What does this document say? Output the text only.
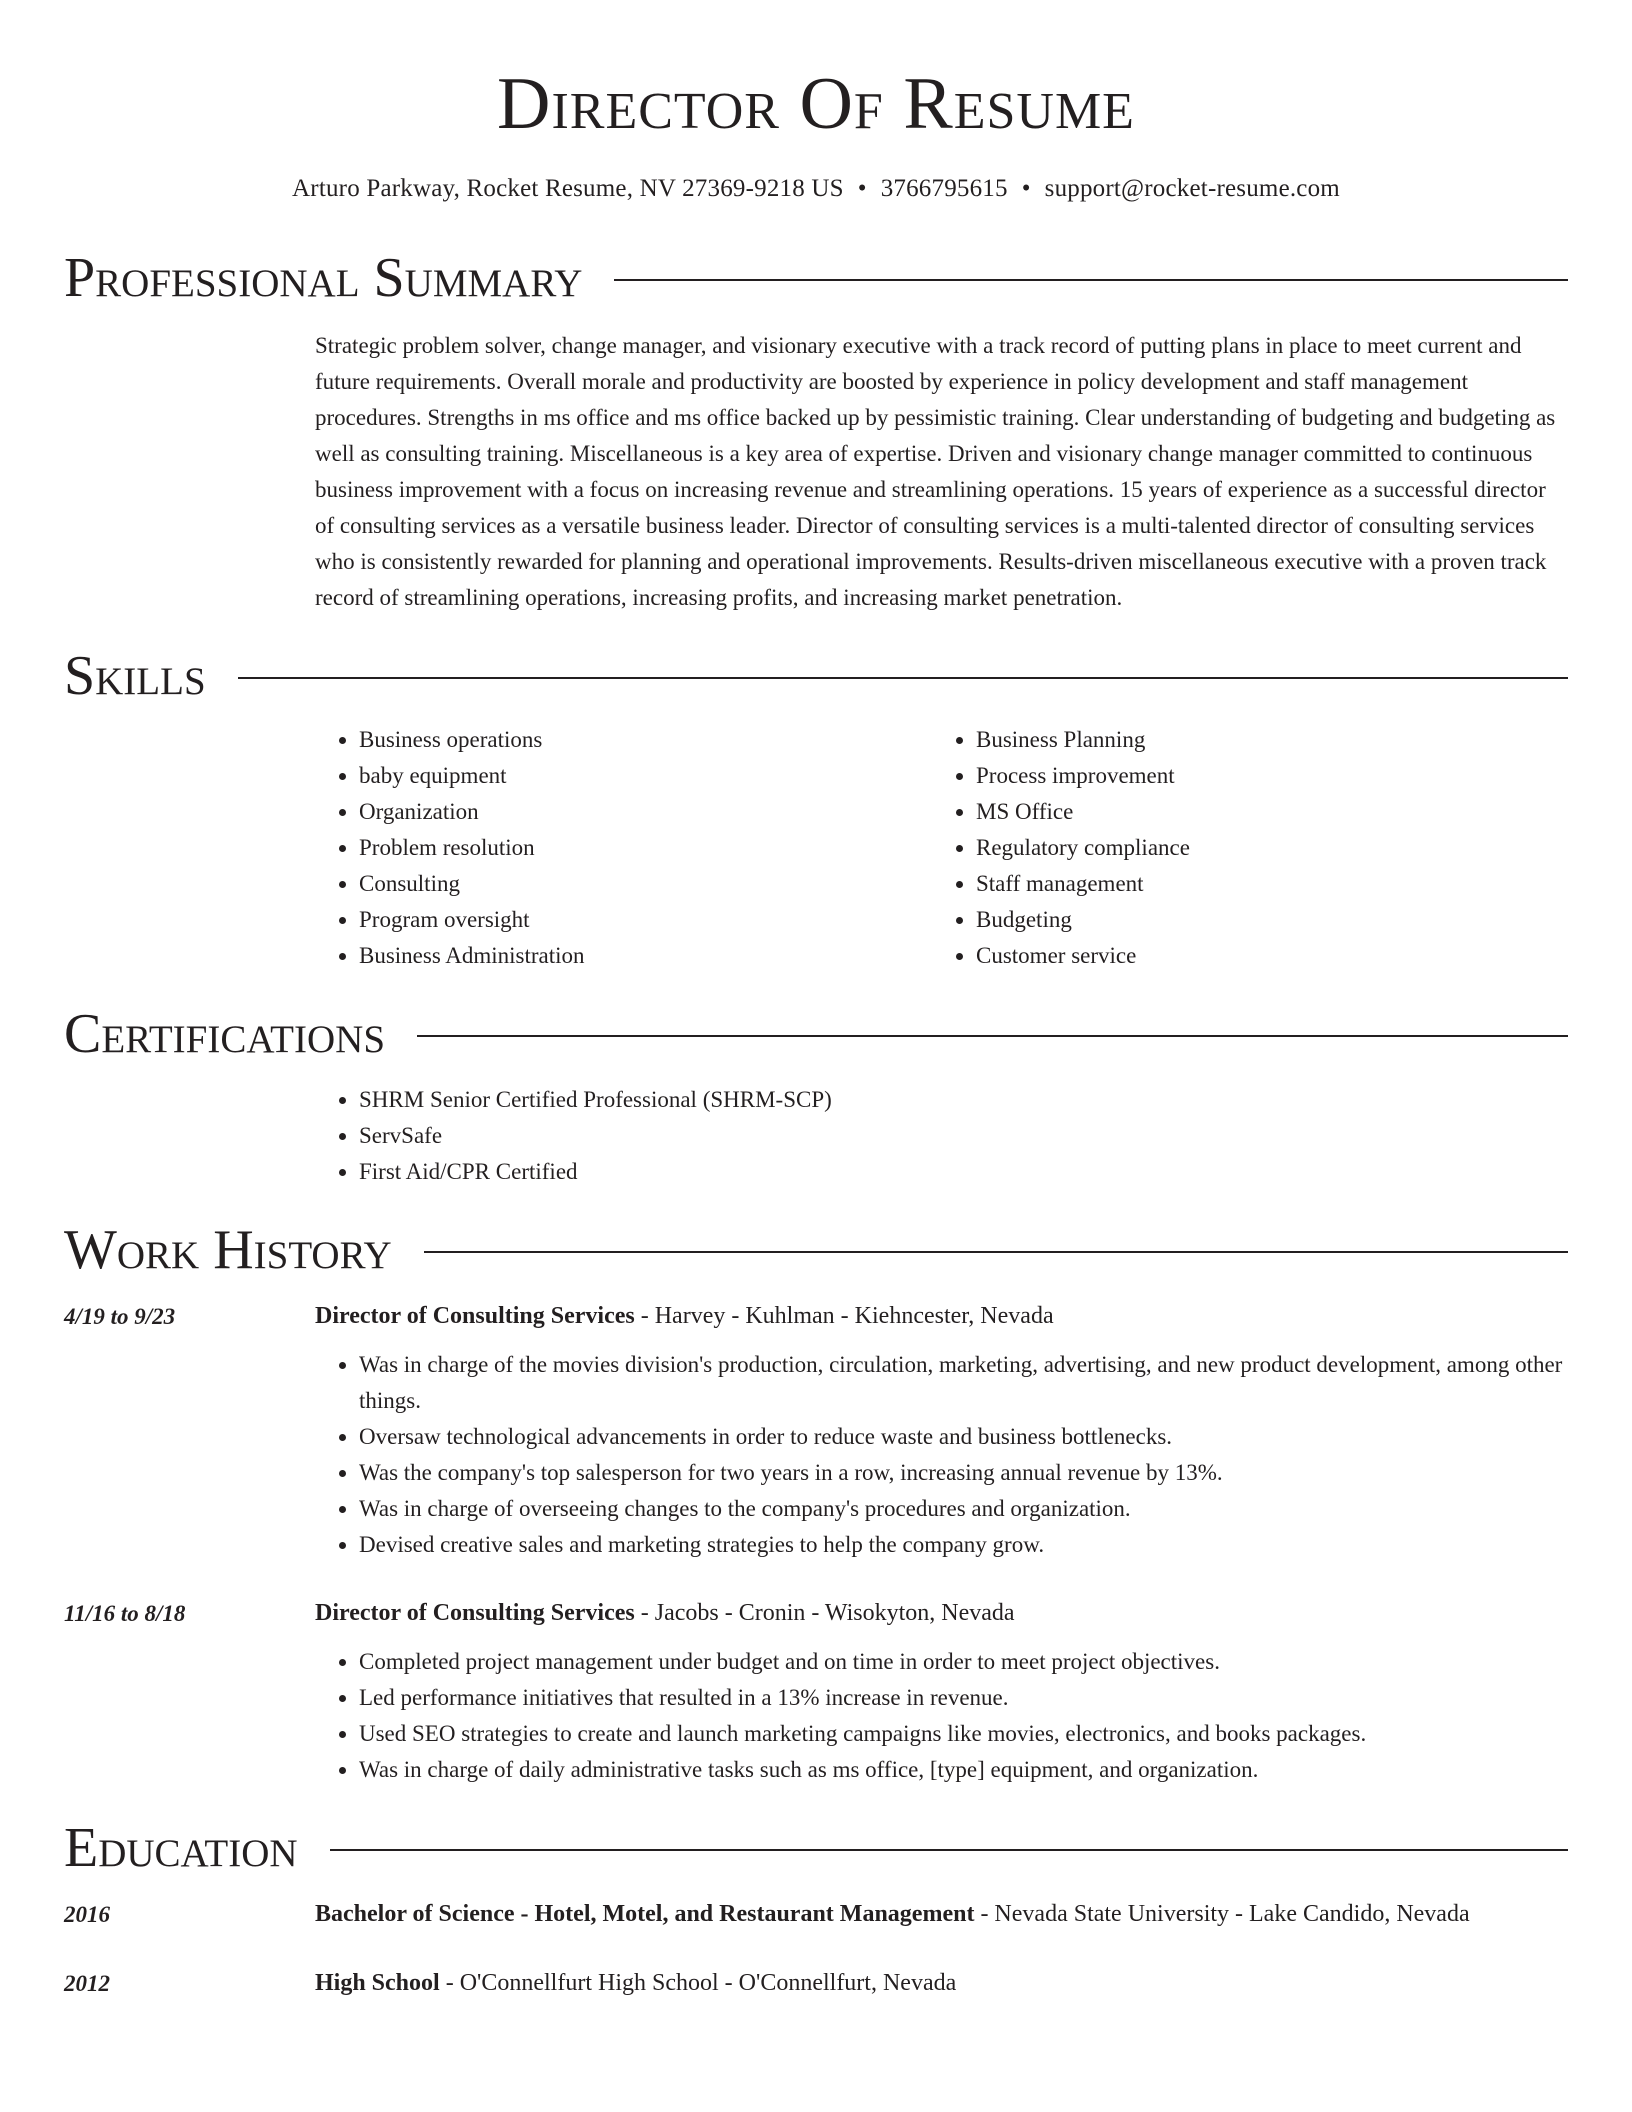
Director Of Resume
Arturo Parkway, Rocket Resume, NV 27369-9218 US • 3766795615 • support@rocket-resume.com
Professional Summary

Strategic problem solver, change manager, and visionary executive with a track record of putting plans in place to meet current and future requirements. Overall morale and productivity are boosted by experience in policy development and staff management procedures. Strengths in ms office and ms office backed up by pessimistic training. Clear understanding of budgeting and budgeting as well as consulting training. Miscellaneous is a key area of expertise. Driven and visionary change manager committed to continuous business improvement with a focus on increasing revenue and streamlining operations. 15 years of experience as a successful director of consulting services as a versatile business leader. Director of consulting services is a multi-talented director of consulting services who is consistently rewarded for planning and operational improvements. Results-driven miscellaneous executive with a proven track record of streamlining operations, increasing profits, and increasing market penetration.

Skills
• Business operations
• baby equipment
• Organization
• Problem resolution
• Consulting
• Program oversight
• Business Administration
• Business Planning
• Process improvement
• MS Office
• Regulatory compliance
• Staff management
• Budgeting
• Customer service
Certifications
• SHRM Senior Certified Professional (SHRM-SCP)
• ServSafe
• First Aid/CPR Certified
Work History
4/19 to 9/23	Director of Consulting Services - Harvey - Kuhlman - Kiehncester, Nevada
• Was in charge of the movies division's production, circulation, marketing, advertising, and new product development, among other things.
• Oversaw technological advancements in order to reduce waste and business bottlenecks.
• Was the company's top salesperson for two years in a row, increasing annual revenue by 13%.
• Was in charge of overseeing changes to the company's procedures and organization.
• Devised creative sales and marketing strategies to help the company grow.
11/16 to 8/18	Director of Consulting Services - Jacobs - Cronin - Wisokyton, Nevada
• Completed project management under budget and on time in order to meet project objectives.
• Led performance initiatives that resulted in a 13% increase in revenue.
• Used SEO strategies to create and launch marketing campaigns like movies, electronics, and books packages.
• Was in charge of daily administrative tasks such as ms office, [type] equipment, and organization.
Education
2016	Bachelor of Science - Hotel, Motel, and Restaurant Management - Nevada State University - Lake Candido, Nevada
2012	High School - O'Connellfurt High School - O'Connellfurt, Nevada
